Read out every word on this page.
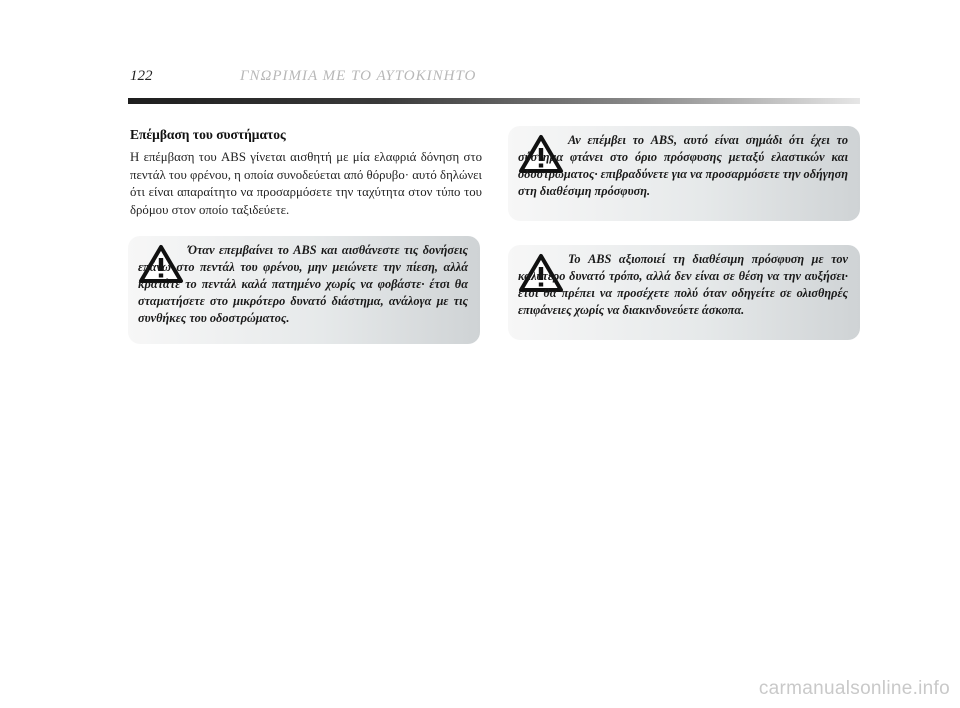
122	ΓΝΩΡΙΜΙΑ ΜΕ ΤΟ ΑΥΤΟΚΙΝΗΤΟ
Επέμβαση του συστήματος
Η επέμβαση του ABS γίνεται αισθητή με μία ελαφριά δόνηση στο πεντάλ του φρένου, η οποία συνοδεύεται από θόρυβο· αυτό δηλώνει ότι είναι απαραίτητο να προσαρμόσετε την ταχύτητα στον τύπο του δρόμου στον οποίο ταξιδεύετε.
Όταν επεμβαίνει το ABS και αισθάνεστε τις δονήσεις επάνω στο πεντάλ του φρένου, μην μειώνετε την πίεση, αλλά κρατάτε το πεντάλ καλά πατημένο χωρίς να φοβάστε· έτσι θα σταματήσετε στο μικρότερο δυνατό διάστημα, ανάλογα με τις συνθήκες του οδοστρώματος.
Αν επέμβει το ABS, αυτό είναι σημάδι ότι έχει το σύστημα φτάνει στο όριο πρόσφυσης μεταξύ ελαστικών και οδοστρώματος· επιβραδύνετε για να προσαρμόσετε την οδήγηση στη διαθέσιμη πρόσφυση.
Το ABS αξιοποιεί τη διαθέσιμη πρόσφυση με τον καλύτερο δυνατό τρόπο, αλλά δεν είναι σε θέση να την αυξήσει· έτσι θα πρέπει να προσέχετε πολύ όταν οδηγείτε σε ολισθηρές επιφάνειες χωρίς να διακινδυνεύετε άσκοπα.
carmanualsonline.info
